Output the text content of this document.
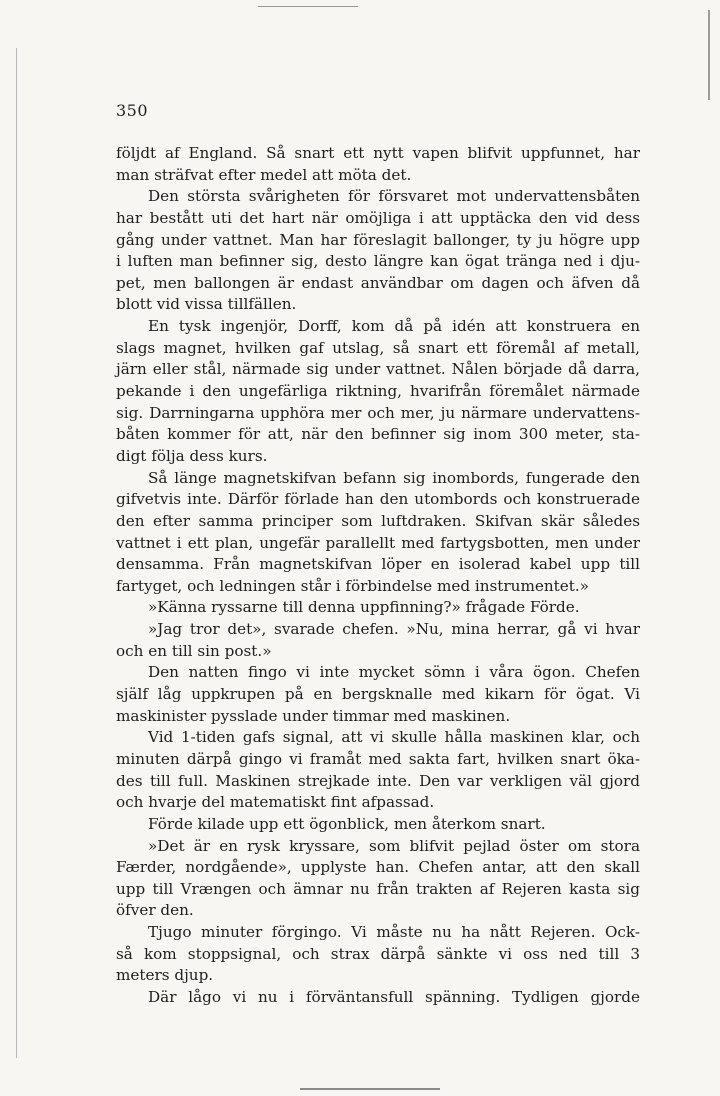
350
följdt af England. Så snart ett nytt vapen blifvit uppfunnet, har
man sträfvat efter medel att möta det.
Den största svårigheten för försvaret mot undervattensbåten
har bestått uti det hart när omöjliga i att upptäcka den vid dess
gång under vattnet. Man har föreslagit ballonger, ty ju högre upp
i luften man befinner sig, desto längre kan ögat tränga ned i dju-
pet, men ballongen är endast användbar om dagen och äfven då
blott vid vissa tillfällen.
En tysk ingenjör, Dorff, kom då på idén att konstruera en
slags magnet, hvilken gaf utslag, så snart ett föremål af metall,
järn eller stål, närmade sig under vattnet. Nålen började då darra,
pekande i den ungefärliga riktning, hvarifrån föremålet närmade
sig. Darrningarna upphöra mer och mer, ju närmare undervattens-
båten kommer för att, när den befinner sig inom 300 meter, sta-
digt följa dess kurs.
Så länge magnetskifvan befann sig inombords, fungerade den
gifvetvis inte. Därför förlade han den utombords och konstruerade
den efter samma principer som luftdraken. Skifvan skär således
vattnet i ett plan, ungefär parallellt med fartygsbotten, men under
densamma. Från magnetskifvan löper en isolerad kabel upp till
fartyget, och ledningen står i förbindelse med instrumentet.»
»Känna ryssarne till denna uppfinning?» frågade Förde.
»Jag tror det», svarade chefen. »Nu, mina herrar, gå vi hvar
och en till sin post.»
Den natten fingo vi inte mycket sömn i våra ögon. Chefen
själf låg uppkrupen på en bergsknalle med kikarn för ögat. Vi
maskinister pysslade under timmar med maskinen.
Vid 1-tiden gafs signal, att vi skulle hålla maskinen klar, och
minuten därpå gingo vi framåt med sakta fart, hvilken snart öka-
des till full. Maskinen strejkade inte. Den var verkligen väl gjord
och hvarje del matematiskt fint afpassad.
Förde kilade upp ett ögonblick, men återkom snart.
»Det är en rysk kryssare, som blifvit pejlad öster om stora
Færder, nordgående», upplyste han. Chefen antar, att den skall
upp till Vrængen och ämnar nu från trakten af Rejeren kasta sig
öfver den.
Tjugo minuter förgingo. Vi måste nu ha nått Rejeren. Ock-
så kom stoppsignal, och strax därpå sänkte vi oss ned till 3
meters djup.
Där lågo vi nu i förväntansfull spänning. Tydligen gjorde
